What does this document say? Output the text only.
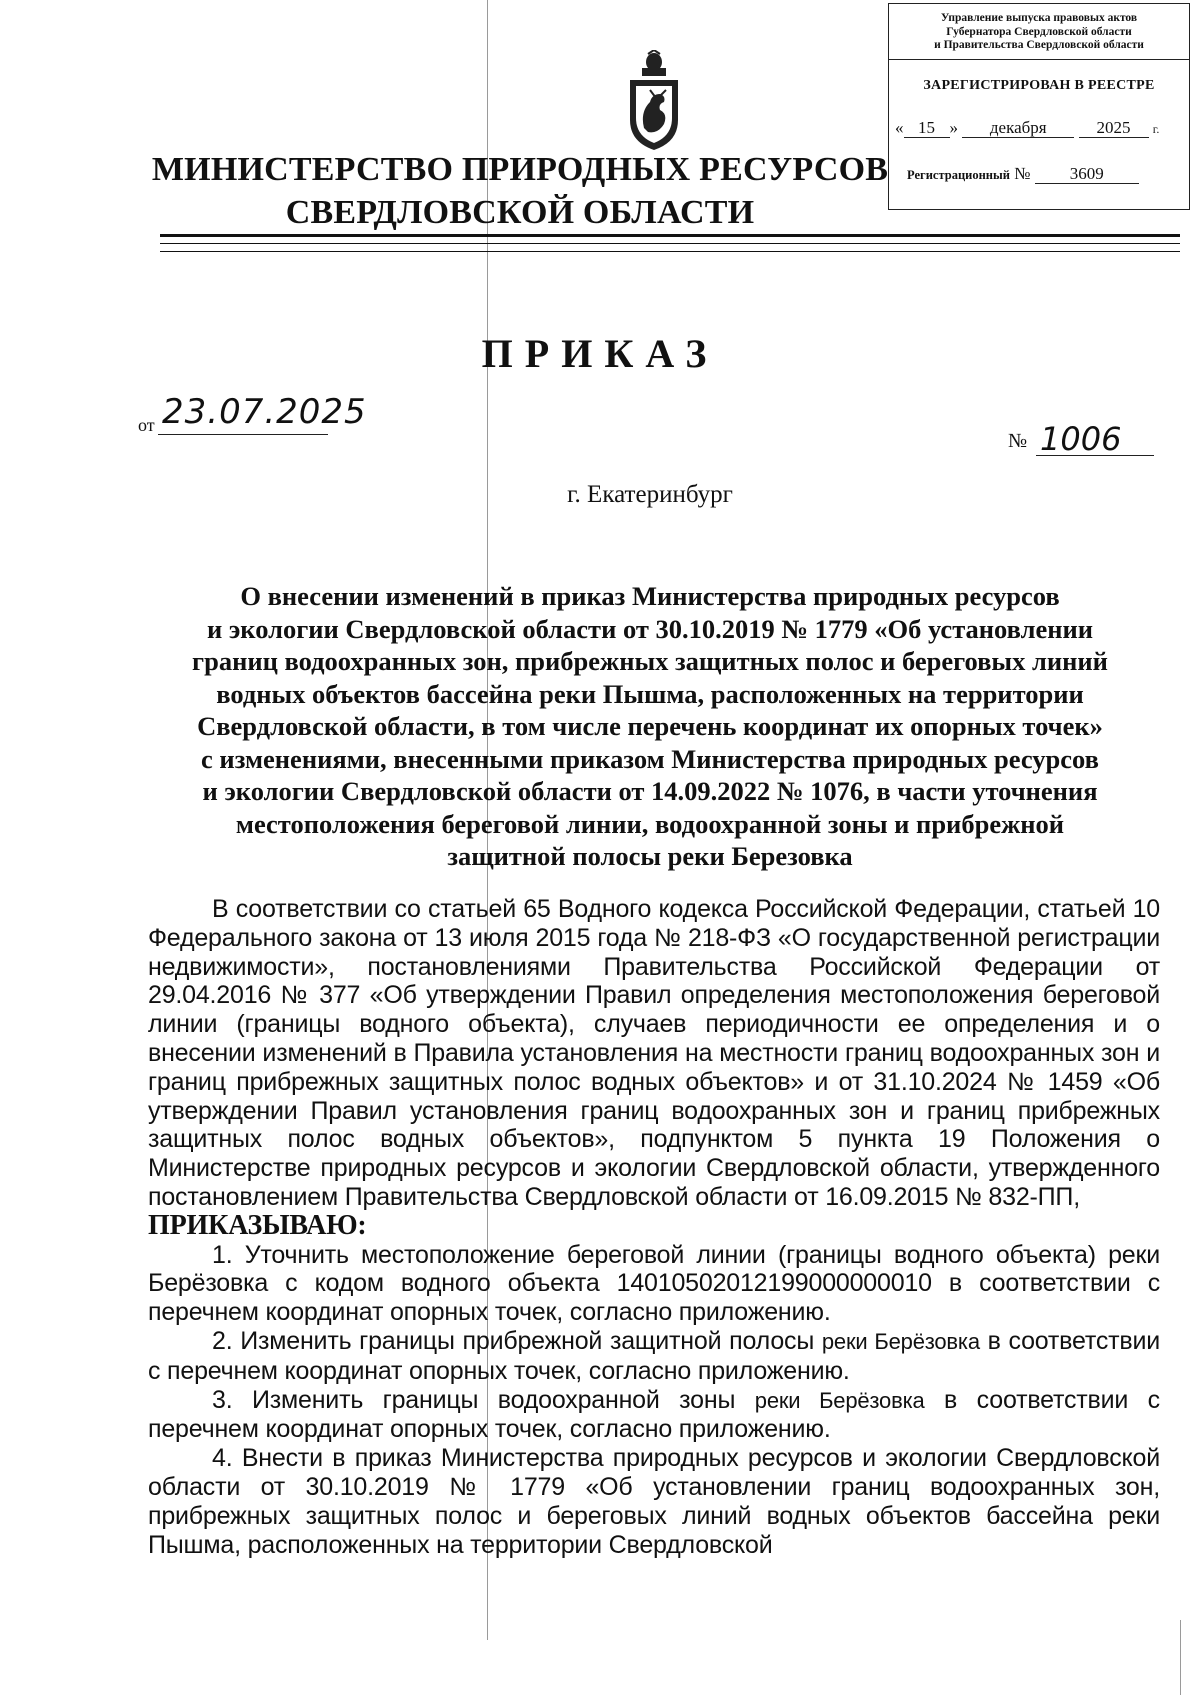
Управление выпуска правовых актов
Губернатора Свердловской области
и Правительства Свердловской области
ЗАРЕГИСТРИРОВАН В РЕЕСТРЕ
« 15 » декабря	2025 г.
Регистрационный № 3609
МИНИСТЕРСТВО ПРИРОДНЫХ РЕСУРСОВ
СВЕРДЛОВСКОЙ ОБЛАСТИ
ПРИКАЗ
от 23.07.2025
№ 1006
г. Екатеринбург
О внесении изменений в приказ Министерства природных ресурсов
и экологии Свердловской области от 30.10.2019 № 1779 «Об установлении
границ водоохранных зон, прибрежных защитных полос и береговых линий
водных объектов бассейна реки Пышма, расположенных на территории
Свердловской области, в том числе перечень координат их опорных точек»
с изменениями, внесенными приказом Министерства природных ресурсов
и экологии Свердловской области от 14.09.2022 № 1076, в части уточнения
местоположения береговой линии, водоохранной зоны и прибрежной
защитной полосы реки Березовка

В соответствии со статьей 65 Водного кодекса Российской Федерации, статьей 10 Федерального закона от 13 июля 2015 года № 218-ФЗ «О государственной регистрации недвижимости», постановлениями Правительства Российской Федерации от 29.04.2016 № 377 «Об утверждении Правил определения местоположения береговой линии (границы водного объекта), случаев периодичности ее определения и о внесении изменений в Правила установления на местности границ водоохранных зон и границ прибрежных защитных полос водных объектов» и от 31.10.2024 № 1459 «Об утверждении Правил установления границ водоохранных зон и границ прибрежных защитных полос водных объектов», подпунктом 5 пункта 19 Положения о Министерстве природных ресурсов и экологии Свердловской области, утвержденного постановлением Правительства Свердловской области от 16.09.2015 № 832-ПП,

ПРИКАЗЫВАЮ:

1. Уточнить местоположение береговой линии (границы водного объекта) реки Берёзовка с кодом водного объекта 14010502012199000000010 в соответствии с перечнем координат опорных точек, согласно приложению.

2. Изменить границы прибрежной защитной полосы реки Берёзовка в соответствии с перечнем координат опорных точек, согласно приложению.

3. Изменить границы водоохранной зоны реки Берёзовка в соответствии с перечнем координат опорных точек, согласно приложению.

4. Внести в приказ Министерства природных ресурсов и экологии Свердловской области от 30.10.2019 № 1779 «Об установлении границ водоохранных зон, прибрежных защитных полос и береговых линий водных объектов бассейна реки Пышма, расположенных на территории Свердловской
